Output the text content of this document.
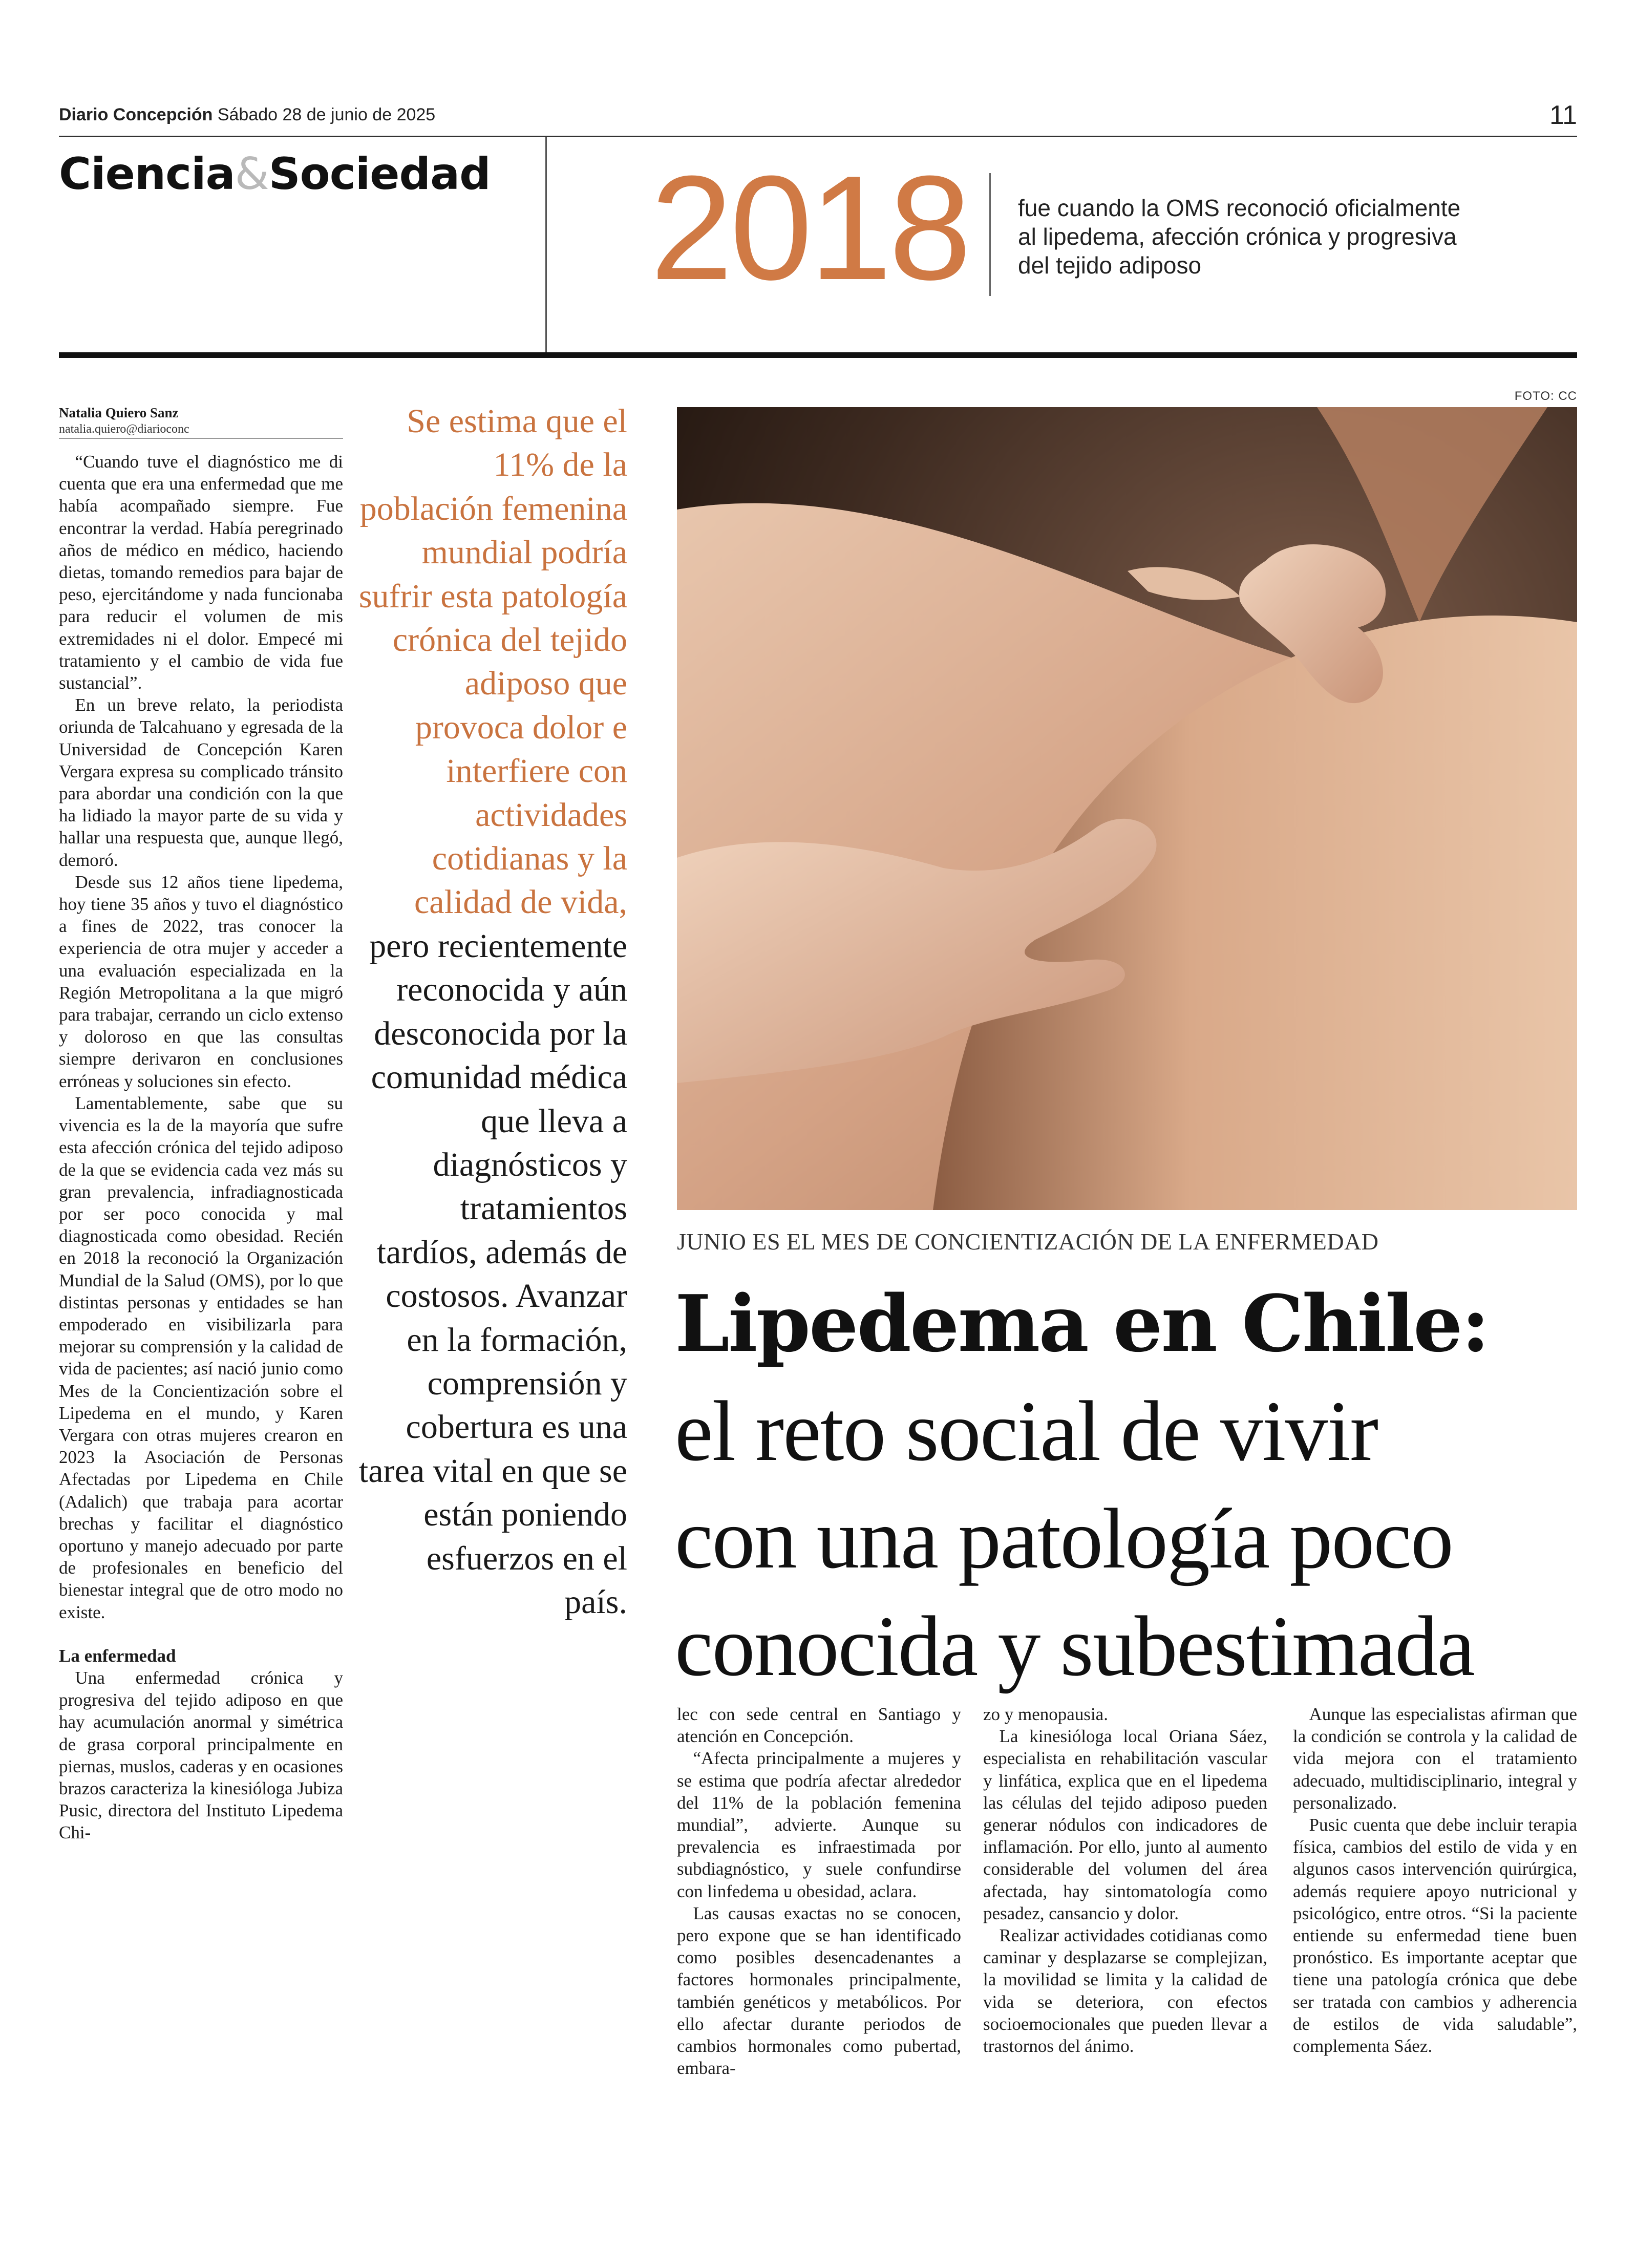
Diario Concepción Sábado 28 de junio de 2025	11
Ciencia&Sociedad 2018 fue cuando la OMS reconoció oficialmente al lipedema, afección crónica y progresiva del tejido adiposo
Natalia Quiero Sanz
natalia.quiero@diarioconc

“Cuando tuve el diagnóstico me di cuenta que era una enfermedad que me había acompañado siempre. Fue encontrar la verdad. Había peregrinado años de médico en médico, haciendo dietas, tomando remedios para bajar de peso, ejercitándome y nada funcionaba para reducir el volumen de mis extremidades ni el dolor. Empecé mi tratamiento y el cambio de vida fue sustancial”.

En un breve relato, la periodista oriunda de Talcahuano y egresada de la Universidad de Concepción Karen Vergara expresa su complicado tránsito para abordar una condición con la que ha lidiado la mayor parte de su vida y hallar una respuesta que, aunque llegó, demoró.

Desde sus 12 años tiene lipedema, hoy tiene 35 años y tuvo el diagnóstico a fines de 2022, tras conocer la experiencia de otra mujer y acceder a una evaluación especializada en la Región Metropolitana a la que migró para trabajar, cerrando un ciclo extenso y doloroso en que las consultas siempre derivaron en conclusiones erróneas y soluciones sin efecto.

Lamentablemente, sabe que su vivencia es la de la mayoría que sufre esta afección crónica del tejido adiposo de la que se evidencia cada vez más su gran prevalencia, infradiagnosticada por ser poco conocida y mal diagnosticada como obesidad. Recién en 2018 la reconoció la Organización Mundial de la Salud (OMS), por lo que distintas personas y entidades se han empoderado en visibilizarla para mejorar su comprensión y la calidad de vida de pacientes; así nació junio como Mes de la Concientización sobre el Lipedema en el mundo, y Karen Vergara con otras mujeres crearon en 2023 la Asociación de Personas Afectadas por Lipedema en Chile (Adalich) que trabaja para acortar brechas y facilitar el diagnóstico oportuno y manejo adecuado por parte de profesionales en beneficio del bienestar integral que de otro modo no existe.

La enfermedad

Una enfermedad crónica y progresiva del tejido adiposo en que hay acumulación anormal y simétrica de grasa corporal principalmente en piernas, muslos, caderas y en ocasiones brazos caracteriza la kinesióloga Jubiza Pusic, directora del Instituto Lipedema Chi-

Se estima que el 11% de la población femenina mundial podría sufrir esta patología crónica del tejido adiposo que provoca dolor e interfiere con actividades cotidianas y la calidad de vida, pero recientemente reconocida y aún desconocida por la comunidad médica que lleva a diagnósticos y tratamientos tardíos, además de costosos. Avanzar en la formación, comprensión y cobertura es una tarea vital en que se están poniendo esfuerzos en el país.
FOTO: CC
JUNIO ES EL MES DE CONCIENTIZACIÓN DE LA ENFERMEDAD
Lipedema en Chile:
el reto social de vivir
con una patología poco
conocida y subestimada

lec con sede central en Santiago y atención en Concepción.

“Afecta principalmente a mujeres y se estima que podría afectar alrededor del 11% de la población femenina mundial”, advierte. Aunque su prevalencia es infraestimada por subdiagnóstico, y suele confundirse con linfedema u obesidad, aclara.

Las causas exactas no se conocen, pero expone que se han identificado como posibles desencadenantes a factores hormonales principalmente, también genéticos y metabólicos. Por ello afectar durante periodos de cambios hormonales como pubertad, embara-

zo y menopausia.

La kinesióloga local Oriana Sáez, especialista en rehabilitación vascular y linfática, explica que en el lipedema las células del tejido adiposo pueden generar nódulos con indicadores de inflamación. Por ello, junto al aumento considerable del volumen del área afectada, hay sintomatología como pesadez, cansancio y dolor.

Realizar actividades cotidianas como caminar y desplazarse se complejizan, la movilidad se limita y la calidad de vida se deteriora, con efectos socioemocionales que pueden llevar a trastornos del ánimo.

Aunque las especialistas afirman que la condición se controla y la calidad de vida mejora con el tratamiento adecuado, multidisciplinario, integral y personalizado.

Pusic cuenta que debe incluir terapia física, cambios del estilo de vida y en algunos casos intervención quirúrgica, además requiere apoyo nutricional y psicológico, entre otros. “Si la paciente entiende su enfermedad tiene buen pronóstico. Es importante aceptar que tiene una patología crónica que debe ser tratada con cambios y adherencia de estilos de vida saludable”, complementa Sáez.
